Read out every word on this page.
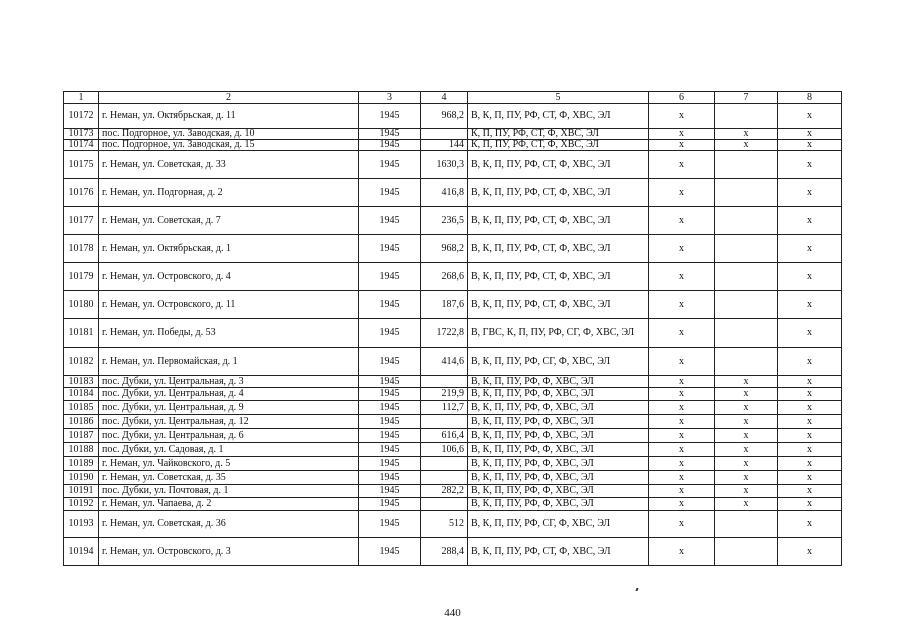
1	2	3	4	5	6	7	8
10172	г. Неман, ул. Октябрьская, д. 11	1945	968,2	В, К, П, ПУ, РФ, СТ, Ф, ХВС, ЭЛ	x		x
10173	пос. Подгорное, ул. Заводская, д. 10	1945		К, П, ПУ, РФ, СТ, Ф, ХВС, ЭЛ	x	x	x
10174	пос. Подгорное, ул. Заводская, д. 15	1945	144	К, П, ПУ, РФ, СТ, Ф, ХВС, ЭЛ	x	x	x
10175	г. Неман, ул. Советская, д. 33	1945	1630,3	В, К, П, ПУ, РФ, СТ, Ф, ХВС, ЭЛ	x		x
10176	г. Неман, ул. Подгорная, д. 2	1945	416,8	В, К, П, ПУ, РФ, СТ, Ф, ХВС, ЭЛ	x		x
10177	г. Неман, ул. Советская, д. 7	1945	236,5	В, К, П, ПУ, РФ, СТ, Ф, ХВС, ЭЛ	x		x
10178	г. Неман, ул. Октябрьская, д. 1	1945	968,2	В, К, П, ПУ, РФ, СТ, Ф, ХВС, ЭЛ	x		x
10179	г. Неман, ул. Островского, д. 4	1945	268,6	В, К, П, ПУ, РФ, СТ, Ф, ХВС, ЭЛ	x		x
10180	г. Неман, ул. Островского, д. 11	1945	187,6	В, К, П, ПУ, РФ, СТ, Ф, ХВС, ЭЛ	x		x
10181	г. Неман, ул. Победы, д. 53	1945	1722,8	В, ГВС, К, П, ПУ, РФ, СГ, Ф, ХВС, ЭЛ	x		x
10182	г. Неман, ул. Первомайская, д. 1	1945	414,6	В, К, П, ПУ, РФ, СГ, Ф, ХВС, ЭЛ	x		x
10183	пос. Дубки, ул. Центральная, д. 3	1945		В, К, П, ПУ, РФ, Ф, ХВС, ЭЛ	x	x	x
10184	пос. Дубки, ул. Центральная, д. 4	1945	219,9	В, К, П, ПУ, РФ, Ф, ХВС, ЭЛ	x	x	x
10185	пос. Дубки, ул. Центральная, д. 9	1945	112,7	В, К, П, ПУ, РФ, Ф, ХВС, ЭЛ	x	x	x
10186	пос. Дубки, ул. Центральная, д. 12	1945		В, К, П, ПУ, РФ, Ф, ХВС, ЭЛ	x	x	x
10187	пос. Дубки, ул. Центральная, д. 6	1945	616,4	В, К, П, ПУ, РФ, Ф, ХВС, ЭЛ	x	x	x
10188	пос. Дубки, ул. Садовая, д. 1	1945	106,6	В, К, П, ПУ, РФ, Ф, ХВС, ЭЛ	x	x	x
10189	г. Неман, ул. Чайковского, д. 5	1945		В, К, П, ПУ, РФ, Ф, ХВС, ЭЛ	x	x	x
10190	г. Неман, ул. Советская, д. 35	1945		В, К, П, ПУ, РФ, Ф, ХВС, ЭЛ	x	x	x
10191	пос. Дубки, ул. Почтовая, д. 1	1945	282,2	В, К, П, ПУ, РФ, Ф, ХВС, ЭЛ	x	x	x
10192	г. Неман, ул. Чапаева, д. 2	1945		В, К, П, ПУ, РФ, Ф, ХВС, ЭЛ	x	x	x
10193	г. Неман, ул. Советская, д. 36	1945	512	В, К, П, ПУ, РФ, СГ, Ф, ХВС, ЭЛ	x		x
10194	г. Неман, ул. Островского, д. 3	1945	288,4	В, К, П, ПУ, РФ, СТ, Ф, ХВС, ЭЛ	x		x
440
